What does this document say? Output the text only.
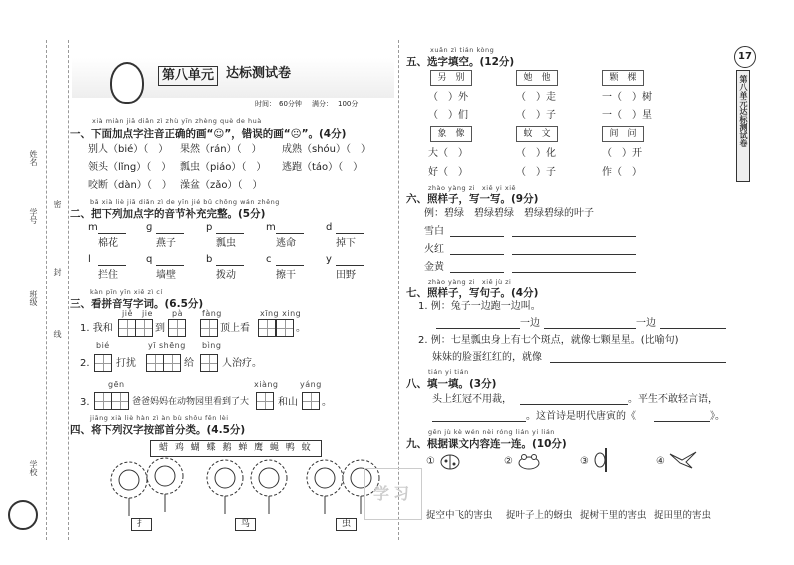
姓名
学号
班级
学校
密
封
线
17
第八单元达标测试卷
第八单元 达标测试卷
时间： 60分钟 满分： 100分
xià miàn jiā diǎn zì zhù yīn zhèng què de huà
一、下面加点字注音正确的画“☺”，错误的画“☹”。(4分)
别人（bié）（　） 果然（rán）（　） 成熟（shóu）（　）
领头（lǐng）（　） 瓢虫（piáo）（　） 逃跑（táo）（　）
咬断（dàn）（　） 澡盆（zǎo）（　）
bǎ xià liè jiā diǎn zì de yīn jié bǔ chōng wán zhěng
二、把下列加点字的音节补充完整。(5分)
m	ɡ	p	m	d
棉花	燕子	瓢虫	逃命	掉下
l	q	b	c	y
拦住	墙壁	拨动	擦干	田野
kàn pīn yīn xiě zì cí
三、看拼音写字词。(6.5分)
jiě jie pà fàng	xīng xing
1. 我和	到	顶上看	。
bié	yī shēng bìng
2.	打扰	给	人治疗。
gēn	xiàng	yáng
3.	爸爸妈妈在动物园里看到了大	和山 。
jiāng xià liè hàn zì àn bù shǒu fēn lèi
四、将下列汉字按部首分类。(4.5分)
蜡 鸡 蝴 蝶 鹅 蝉 鹰 蝇 鸭 蚊
扌	鸟	虫
学习
xuǎn zì tián kòng
五、选字填空。(12分)
另　 别	她　 他	颗　 棵
（　）外	（　）走	一（　）树
（　）们	（　）子	一（　）星
象　 像	蚊　 文	间　 问
大（　）	（　）化	（　）开
好（　）	（　）子	作（　）
zhào yàng zi　xiě yi xiě
六、照样子，写一写。(9分)
例：碧绿　碧绿碧绿　碧绿碧绿的叶子
雪白
火红
金黄
zhào yàng zi　xiě jù zi
七、照样子，写句子。(4分)
1. 例：兔子一边跑一边叫。
一边	一边
2. 例：七星瓢虫身上有七个斑点，就像七颗星星。(比喻句)
妹妹的脸蛋红红的，就像
tián yi tián
八、填一填。(3分)
头上红冠不用裁，	。平生不敢轻言语，
。这首诗是明代唐寅的《	》。
gēn jù kè wén nèi róng lián yi lián
九、根据课文内容连一连。(10分)
①	②	③	④
捉空中飞的害虫 捉叶子上的蚜虫 捉树干里的害虫 捉田里的害虫
